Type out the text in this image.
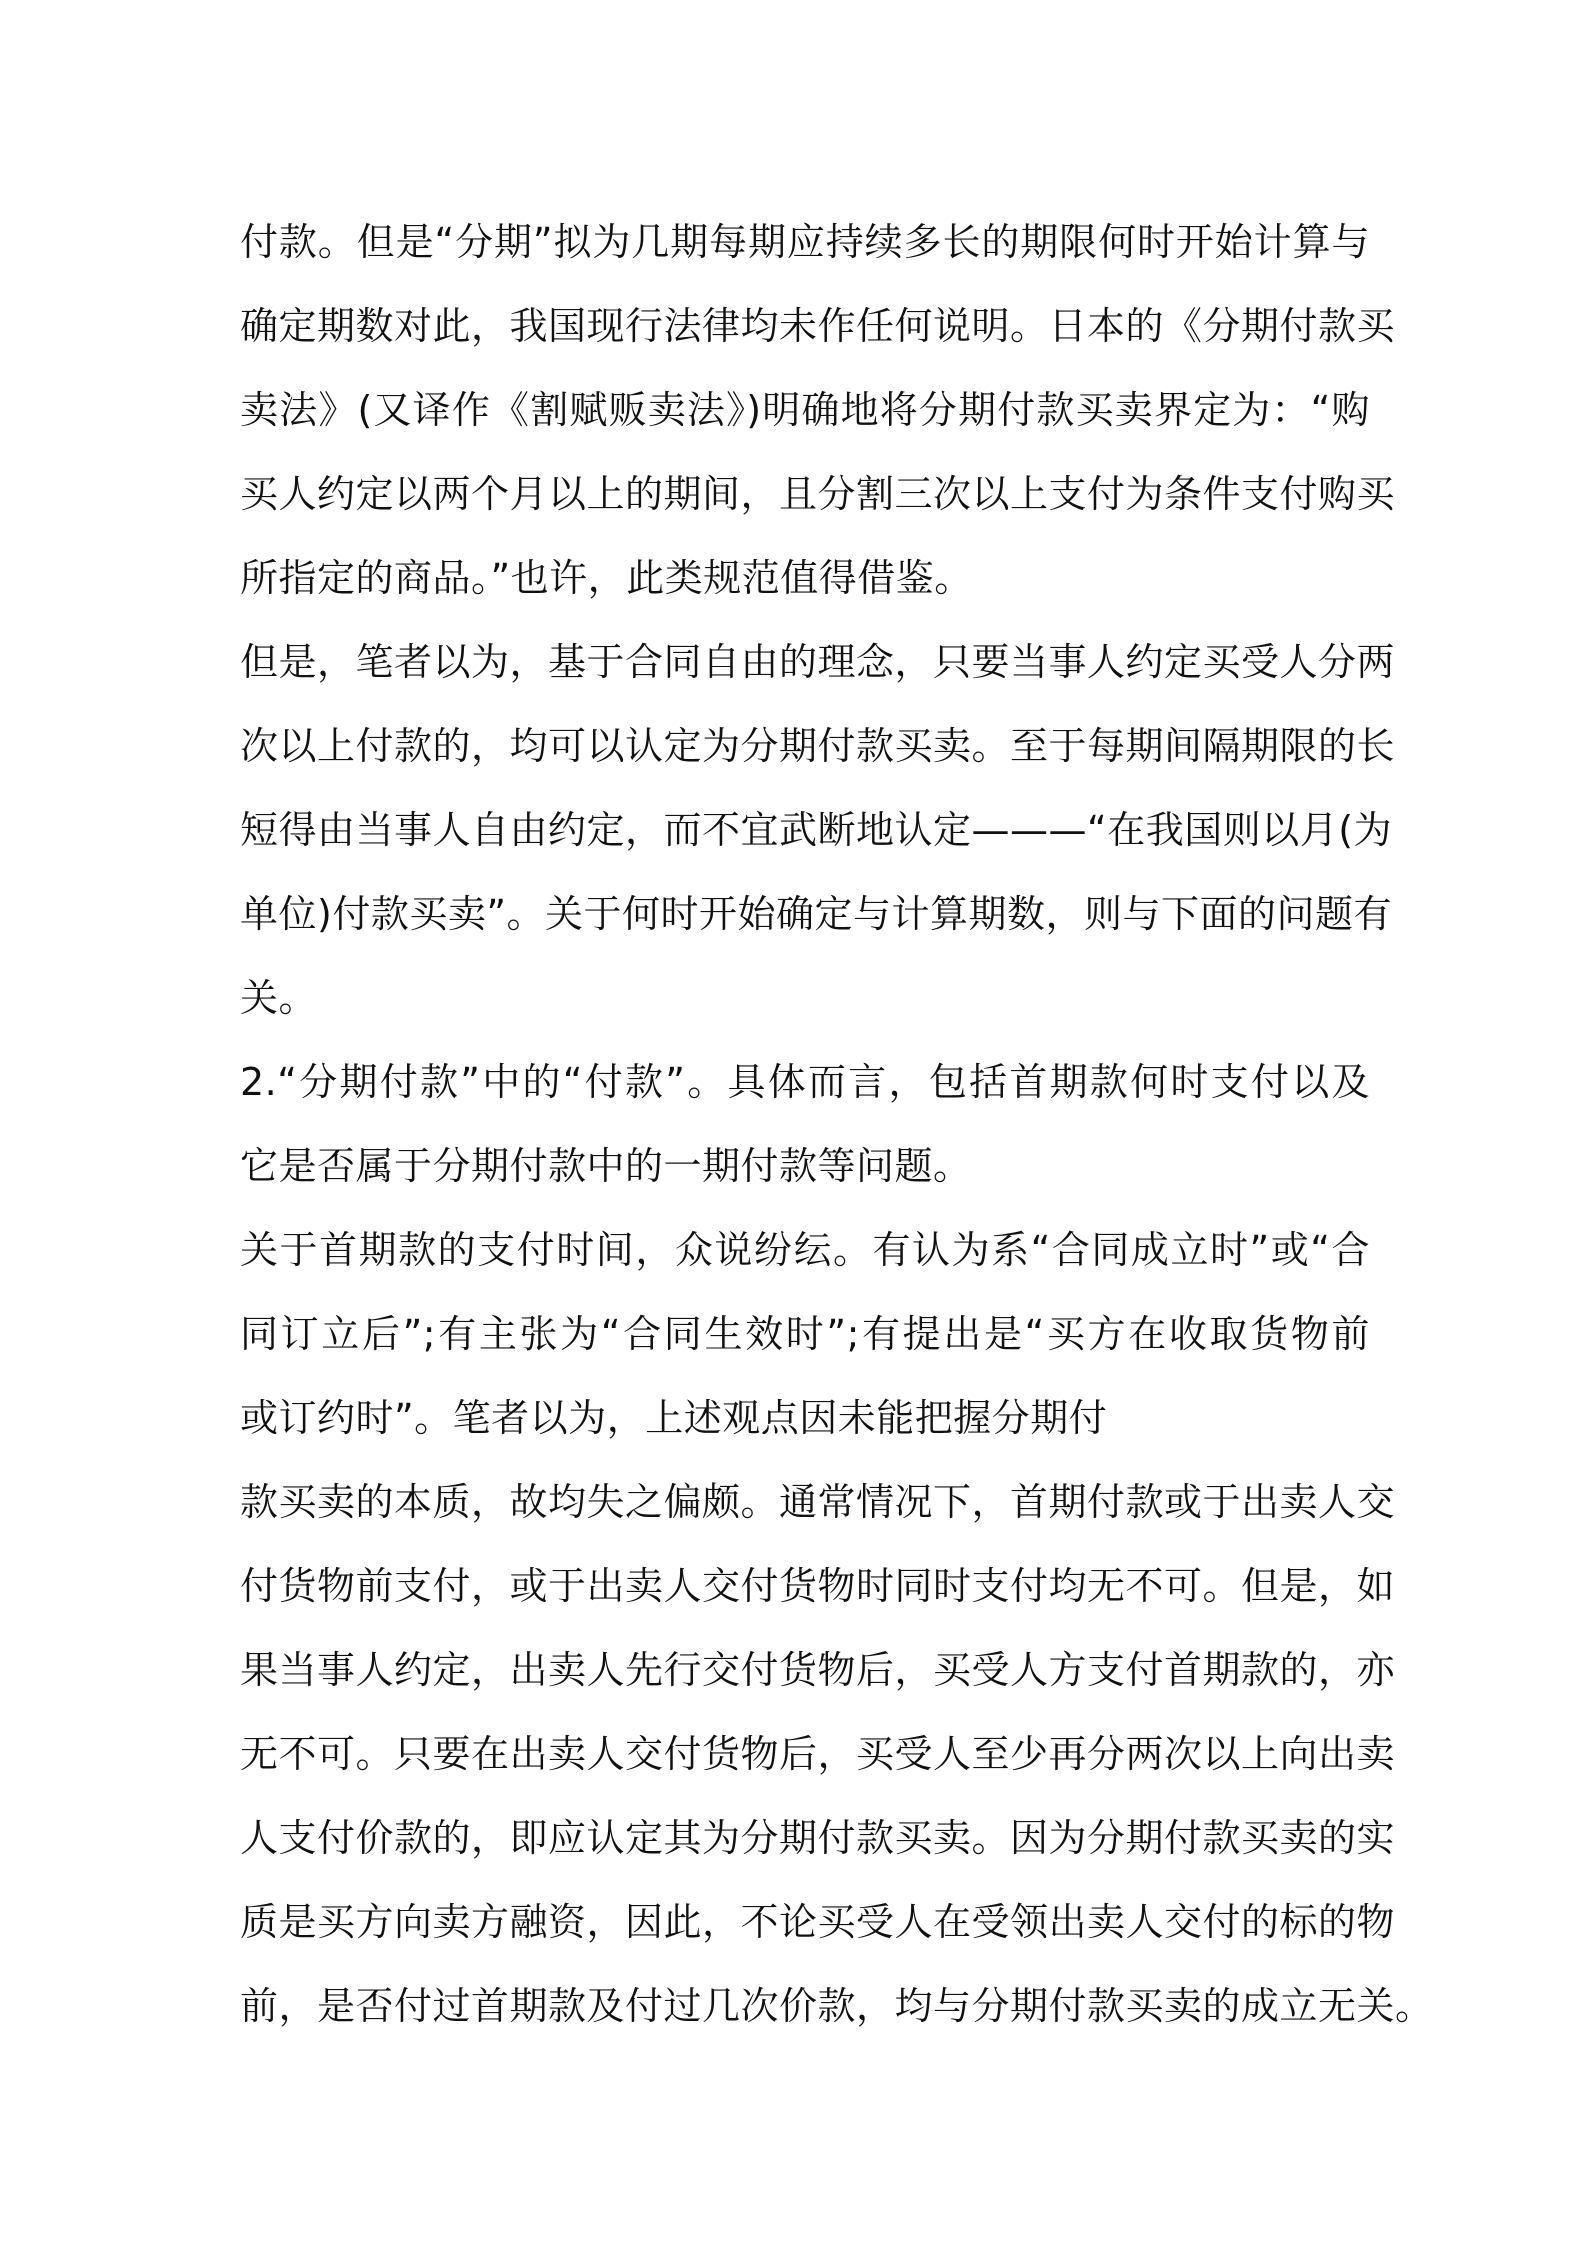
付款。但是“分期”拟为几期每期应持续多长的期限何时开始计算与
确定期数对此，我国现行法律均未作任何说明。日本的《分期付款买
卖法》(又译作《割赋贩卖法》)明确地将分期付款买卖界定为：“购
买人约定以两个月以上的期间，且分割三次以上支付为条件支付购买
所指定的商品。”也许，此类规范值得借鉴。
但是，笔者以为，基于合同自由的理念，只要当事人约定买受人分两
次以上付款的，均可以认定为分期付款买卖。至于每期间隔期限的长
短得由当事人自由约定，而不宜武断地认定———“在我国则以月(为
单位)付款买卖”。关于何时开始确定与计算期数，则与下面的问题有
关。
2.“分期付款”中的“付款”。具体而言，包括首期款何时支付以及
它是否属于分期付款中的一期付款等问题。
关于首期款的支付时间，众说纷纭。有认为系“合同成立时”或“合
同订立后”;有主张为“合同生效时”;有提出是“买方在收取货物前
或订约时”。笔者以为，上述观点因未能把握分期付
款买卖的本质，故均失之偏颇。通常情况下，首期付款或于出卖人交
付货物前支付，或于出卖人交付货物时同时支付均无不可。但是，如
果当事人约定，出卖人先行交付货物后，买受人方支付首期款的，亦
无不可。只要在出卖人交付货物后，买受人至少再分两次以上向出卖
人支付价款的，即应认定其为分期付款买卖。因为分期付款买卖的实
质是买方向卖方融资，因此，不论买受人在受领出卖人交付的标的物
前，是否付过首期款及付过几次价款，均与分期付款买卖的成立无关。
